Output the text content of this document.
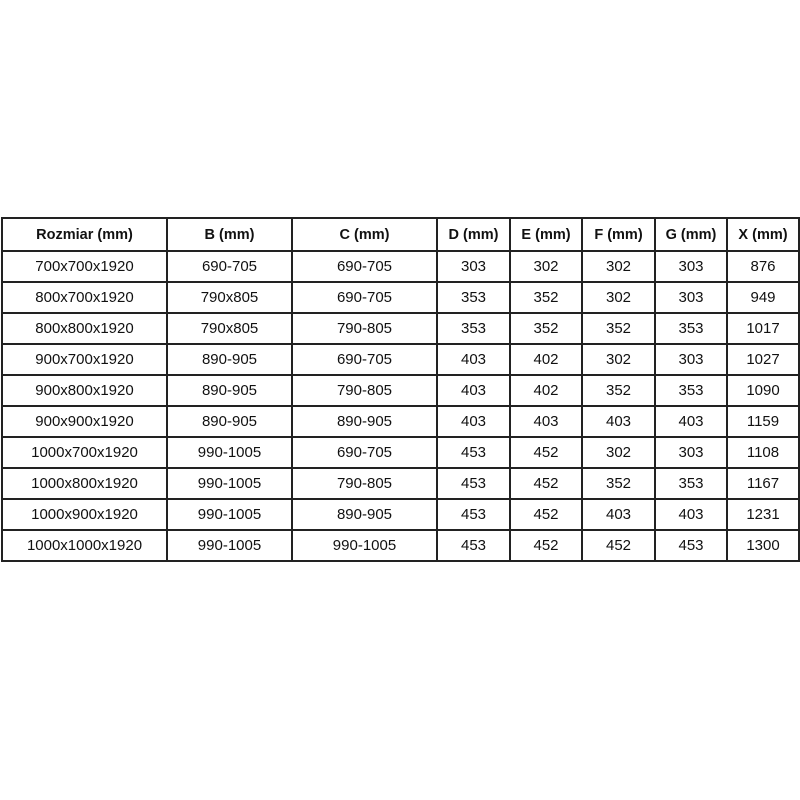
Rozmiar (mm)	B (mm)	C (mm)	D (mm)	E (mm)	F (mm)	G (mm)	X (mm)
700x700x1920	690-705	690-705	303	302	302	303	876
800x700x1920	790x805	690-705	353	352	302	303	949
800x800x1920	790x805	790-805	353	352	352	353	1017
900x700x1920	890-905	690-705	403	402	302	303	1027
900x800x1920	890-905	790-805	403	402	352	353	1090
900x900x1920	890-905	890-905	403	403	403	403	1159
1000x700x1920	990-1005	690-705	453	452	302	303	1108
1000x800x1920	990-1005	790-805	453	452	352	353	1167
1000x900x1920	990-1005	890-905	453	452	403	403	1231
1000x1000x1920	990-1005	990-1005	453	452	452	453	1300
